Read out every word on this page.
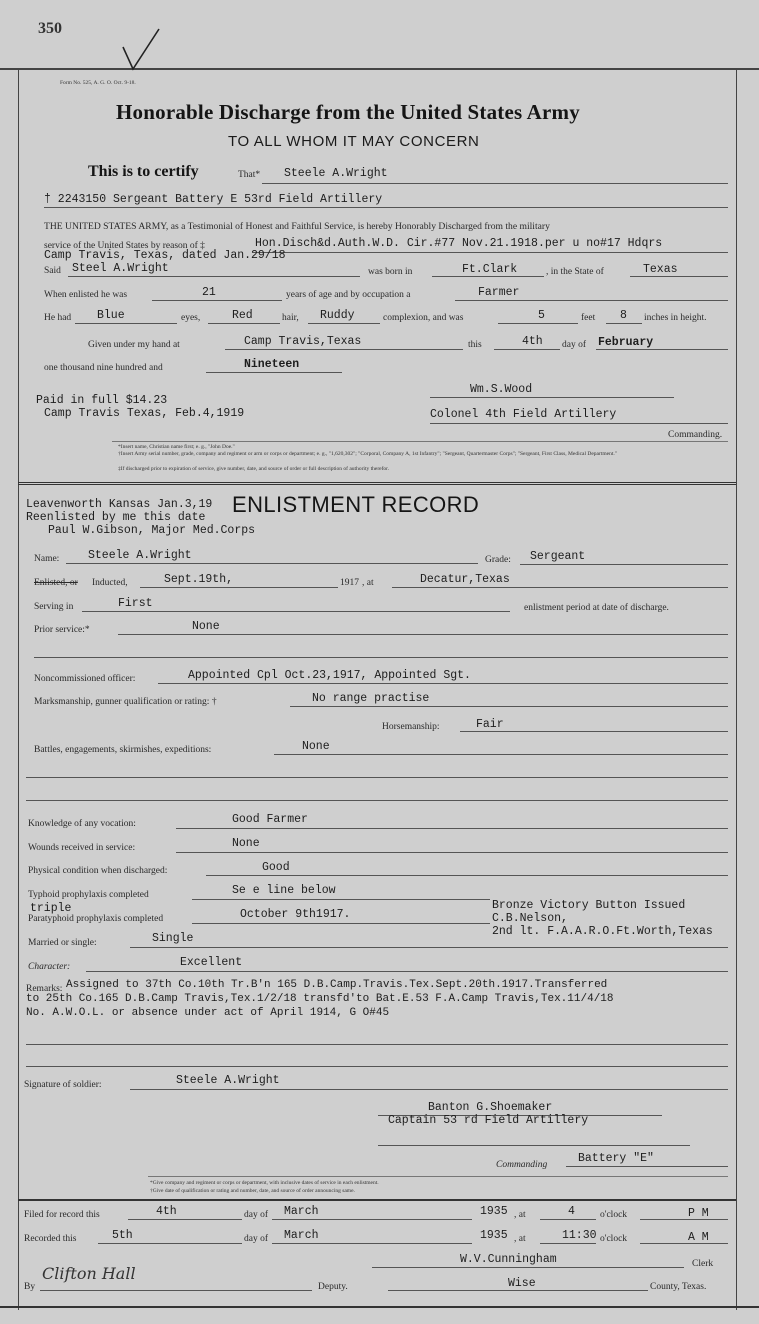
350
Form No. 525, A. G. O. Oct. 9-18.
Honorable Discharge from the United States Army
TO ALL WHOM IT MAY CONCERN
This is to certify	That* Steele A.Wright
† 2243150 Sergeant Battery E 53rd Field Artillery
THE UNITED STATES ARMY, as a Testimonial of Honest and Faithful Service, is hereby Honorably Discharged from the military
service of the United States by reason of ‡	Hon.Disch&d.Auth.W.D. Cir.#77 Nov.21.1918.per u no#17 Hdqrs
Camp Travis, Texas, dated Jan.29/18
Said Steel A.Wright	was born in	Ft.Clark	, in the State of	Texas
When enlisted he was	21	years of age and by occupation a	Farmer
He had Blue	eyes,	Red	hair, Ruddy	complexion, and was	5	feet 8 inches in height.
Given under my hand at	Camp Travis,Texas	this	4th day of February
one thousand nine hundred and	Nineteen
Paid in full $14.23
Camp Travis Texas, Feb.4,1919
Wm.S.Wood
Colonel 4th Field Artillery
Commanding.
*Insert name, Christian name first; e. g., "John Doe."
†Insert Army serial number, grade, company and regiment or arm or corps or department; e. g., "1,620,302"; "Corporal, Company A, 1st Infantry"; "Sergeant, Quartermaster Corps"; "Sergeant, First Class, Medical Department."
‡If discharged prior to expiration of service, give number, date, and source of order or full description of authority therefor.
Leavenworth Kansas Jan.3,19
Reenlisted by me this date
Paul W.Gibson, Major Med.Corps
ENLISTMENT RECORD
Name: Steele A.Wright	Grade: Sergeant
Enlisted, or Inducted,	Sept.19th,	1917 , at	Decatur,Texas
Serving in	First	enlistment period at date of discharge.
Prior service:*	None
Noncommissioned officer:	Appointed Cpl Oct.23,1917, Appointed Sgt.
Marksmanship, gunner qualification or rating: †	No range practise
Horsemanship:	Fair
Battles, engagements, skirmishes, expeditions:	None
Knowledge of any vocation:	Good Farmer
Wounds received in service:	None
Physical condition when discharged:	Good
Typhoid prophylaxis completed	Se e line below
triple
Paratyphoid prophylaxis completed	October 9th1917.
Bronze Victory Button Issued
C.B.Nelson,
2nd lt. F.A.A.R.O.Ft.Worth,Texas
Married or single:	Single
Character:	Excellent
Remarks: Assigned to 37th Co.10th Tr.B'n 165 D.B.Camp.Travis.Tex.Sept.20th.1917.Transferred
to 25th Co.165 D.B.Camp Travis,Tex.1/2/18 transfd'to Bat.E.53 F.A.Camp Travis,Tex.11/4/18
No. A.W.O.L. or absence under act of April 1914, G O#45
Signature of soldier:	Steele A.Wright
Banton G.Shoemaker
Captain 53 rd Field Artillery
Commanding	Battery "E"
*Give company and regiment or corps or department, with inclusive dates of service in each enlistment.
†Give date of qualification or rating and number, date, and source of order announcing same.
Filed for record this	4th	day of March	1935 , at	4	o'clock	P M
Recorded this	5th	day of March	1935 , at	11:30 o'clock	A M
W.V.Cunningham	Clerk
By
Clifton Hall
Deputy.	Wise	County, Texas.
